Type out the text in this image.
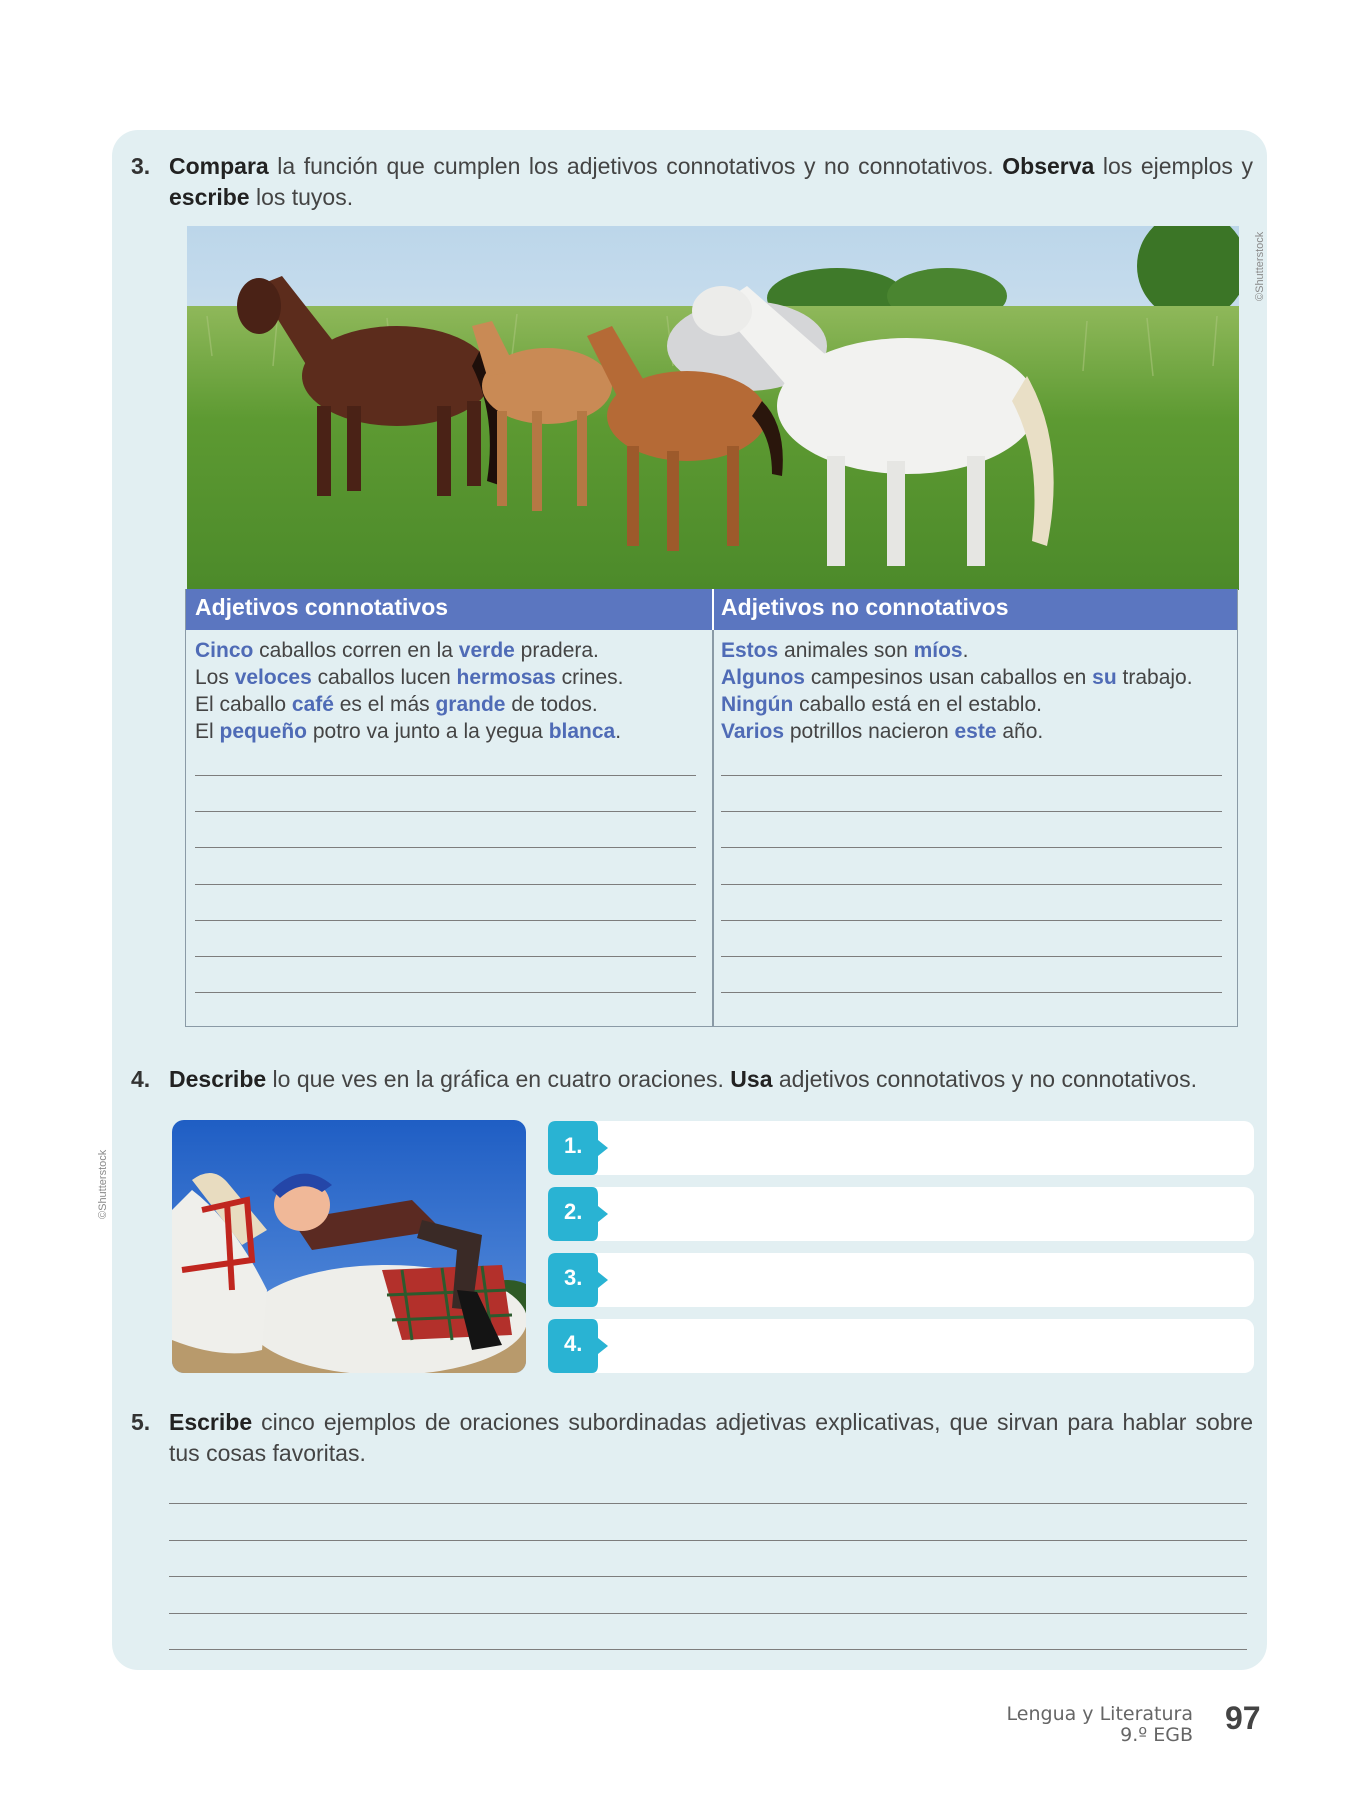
3. Compara la función que cumplen los adjetivos connotativos y no connotativos. Observa los ejemplos y escribe los tuyos.
©Shutterstock
Adjetivos connotativos	Adjetivos no connotativos
Cinco caballos corren en la verde pradera.
Los veloces caballos lucen hermosas crines.
El caballo café es el más grande de todos.
El pequeño potro va junto a la yegua blanca.
Estos animales son míos.
Algunos campesinos usan caballos en su trabajo.
Ningún caballo está en el establo.
Varios potrillos nacieron este año.
4. Describe lo que ves en la gráfica en cuatro oraciones. Usa adjetivos connotativos y no connotativos.
©Shutterstock
1.
2.
3.
4.
5. Escribe cinco ejemplos de oraciones subordinadas adjetivas explicativas, que sirvan para hablar sobre tus cosas favoritas.
Lengua y Literatura
9.º EGB 97
